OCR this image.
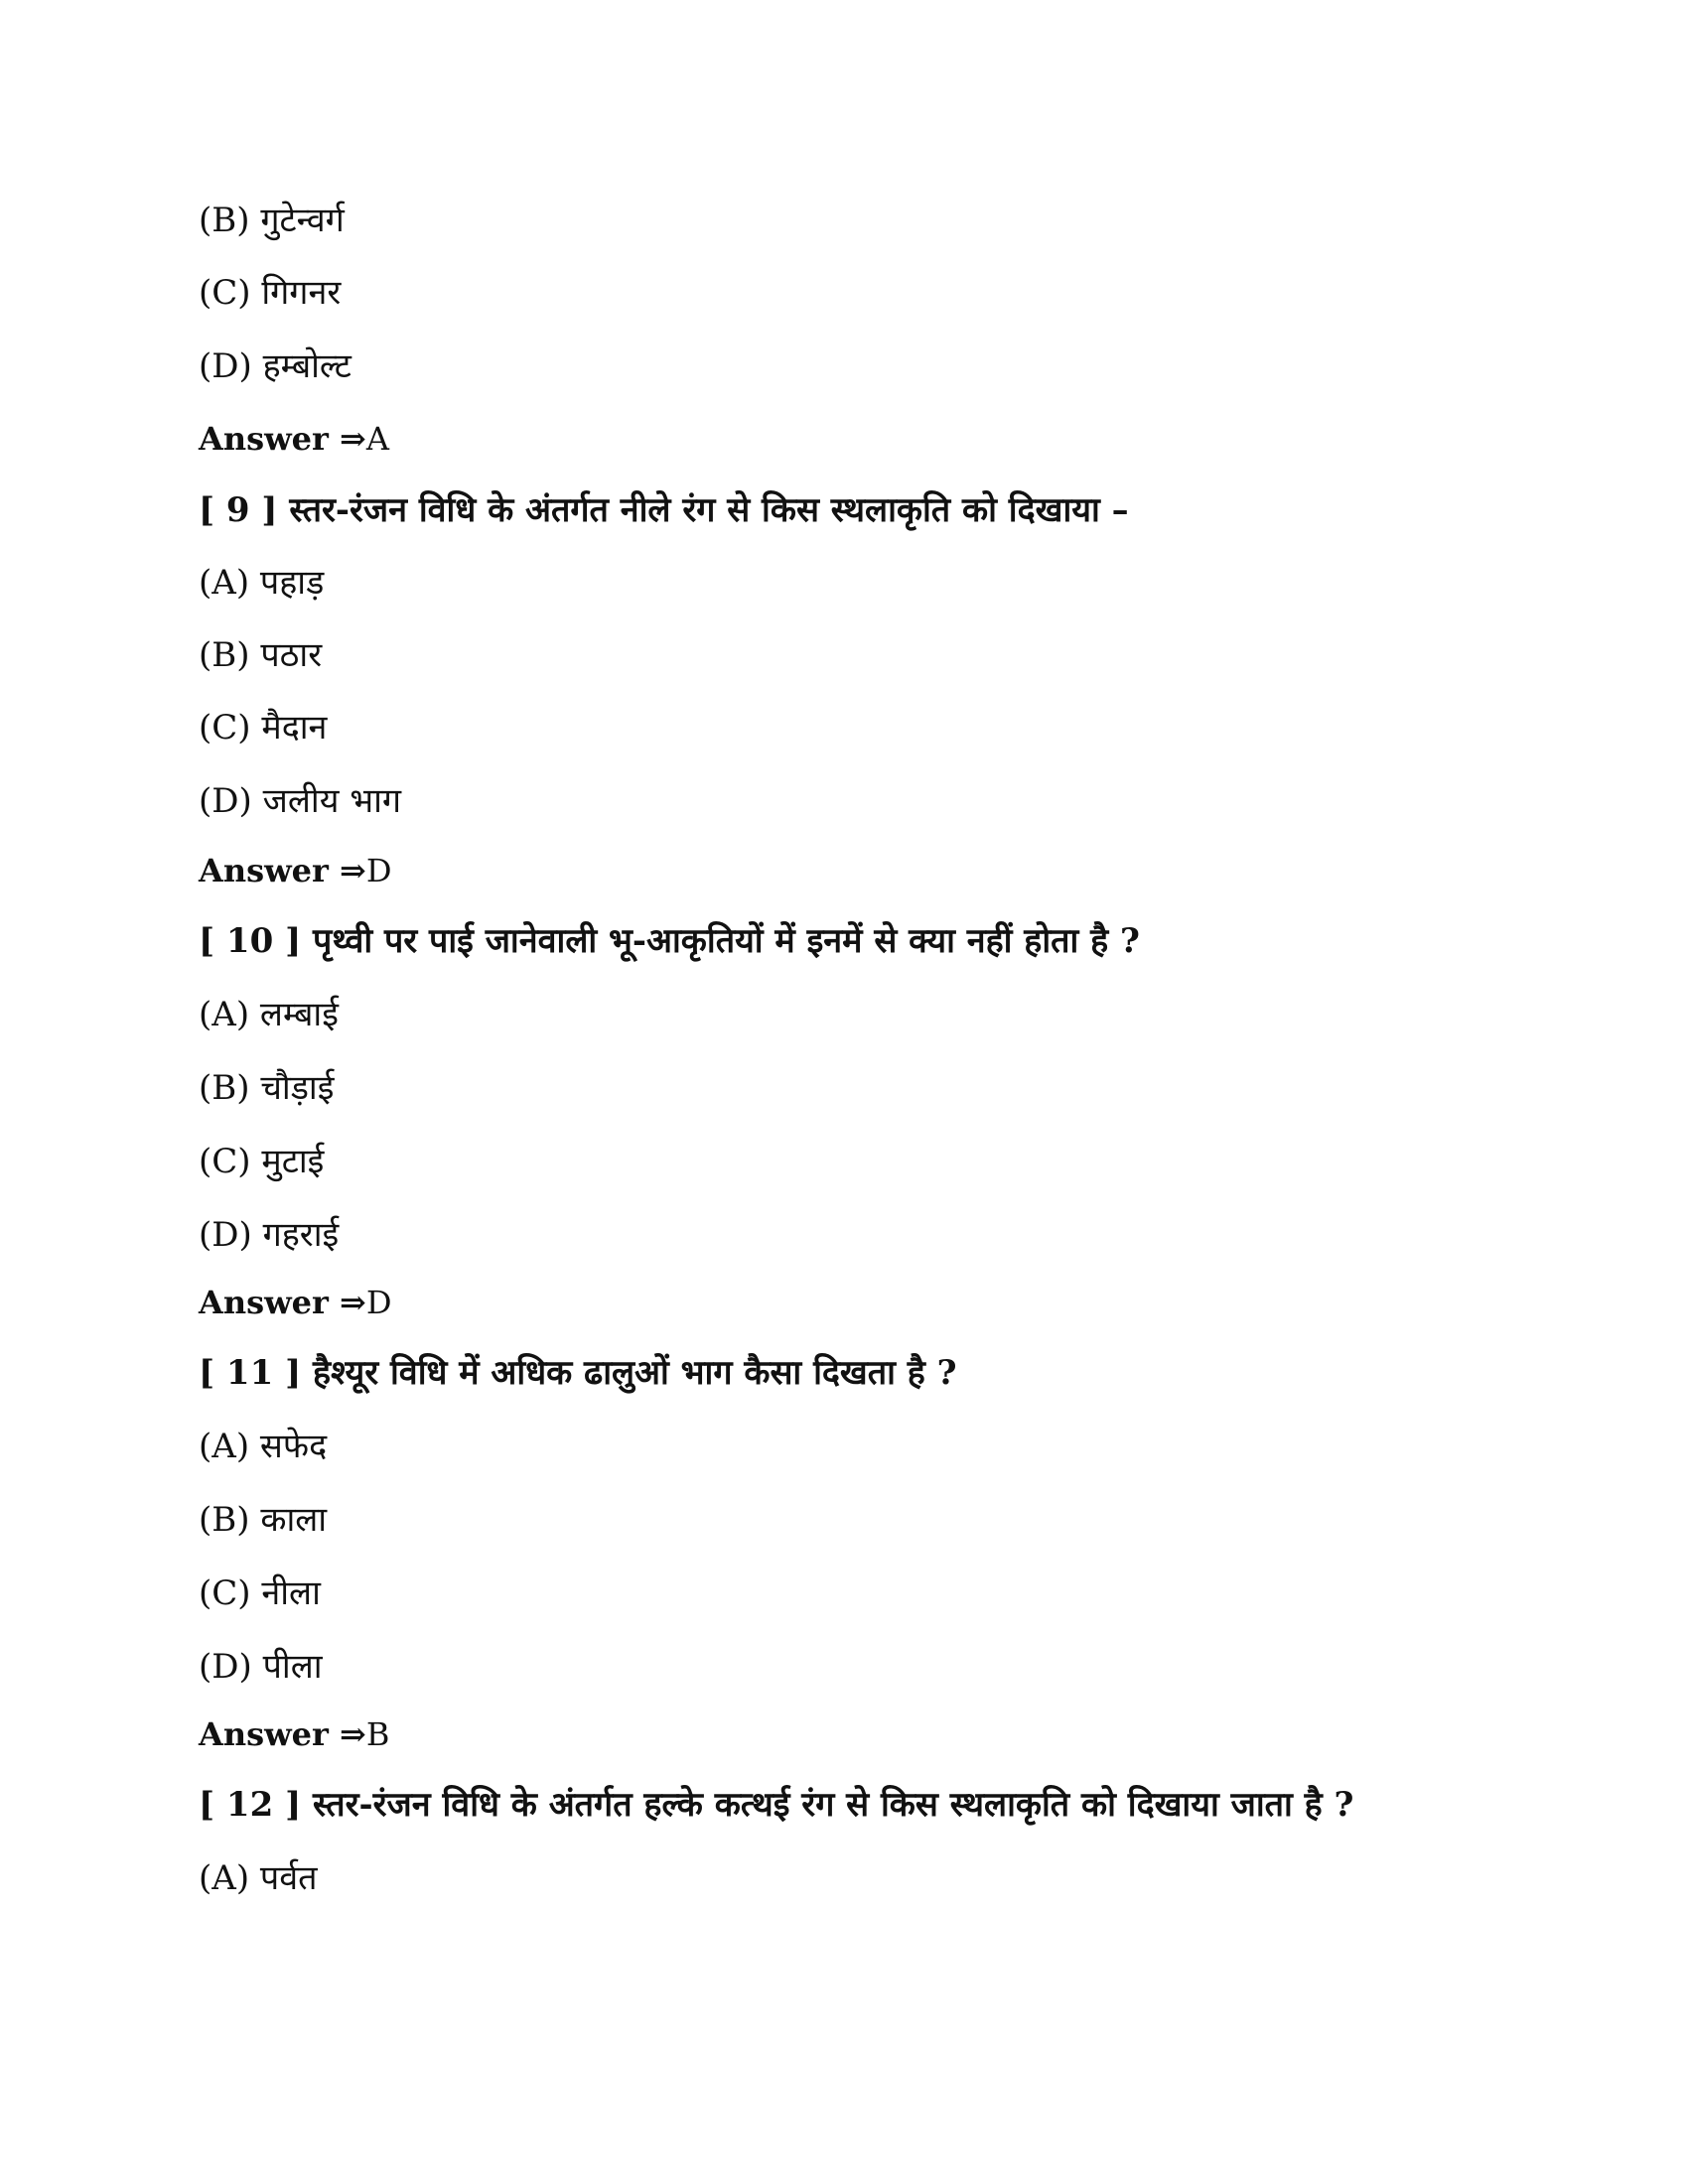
(B) गुटेन्वर्ग
(C) गिगनर
(D) हम्बोल्ट
Answer ⇒A
[ 9 ] स्तर-रंजन विधि के अंतर्गत नीले रंग से किस स्थलाकृति को दिखाया –
(A) पहाड़
(B) पठार
(C) मैदान
(D) जलीय भाग
Answer ⇒D
[ 10 ] पृथ्वी पर पाई जानेवाली भू-आकृतियों में इनमें से क्या नहीं होता है ?
(A) लम्बाई
(B) चौड़ाई
(C) मुटाई
(D) गहराई
Answer ⇒D
[ 11 ] हैश्यूर विधि में अधिक ढालुओं भाग कैसा दिखता है ?
(A) सफेद
(B) काला
(C) नीला
(D) पीला
Answer ⇒B
[ 12 ] स्तर-रंजन विधि के अंतर्गत हल्के कत्थई रंग से किस स्थलाकृति को दिखाया जाता है ?
(A) पर्वत
